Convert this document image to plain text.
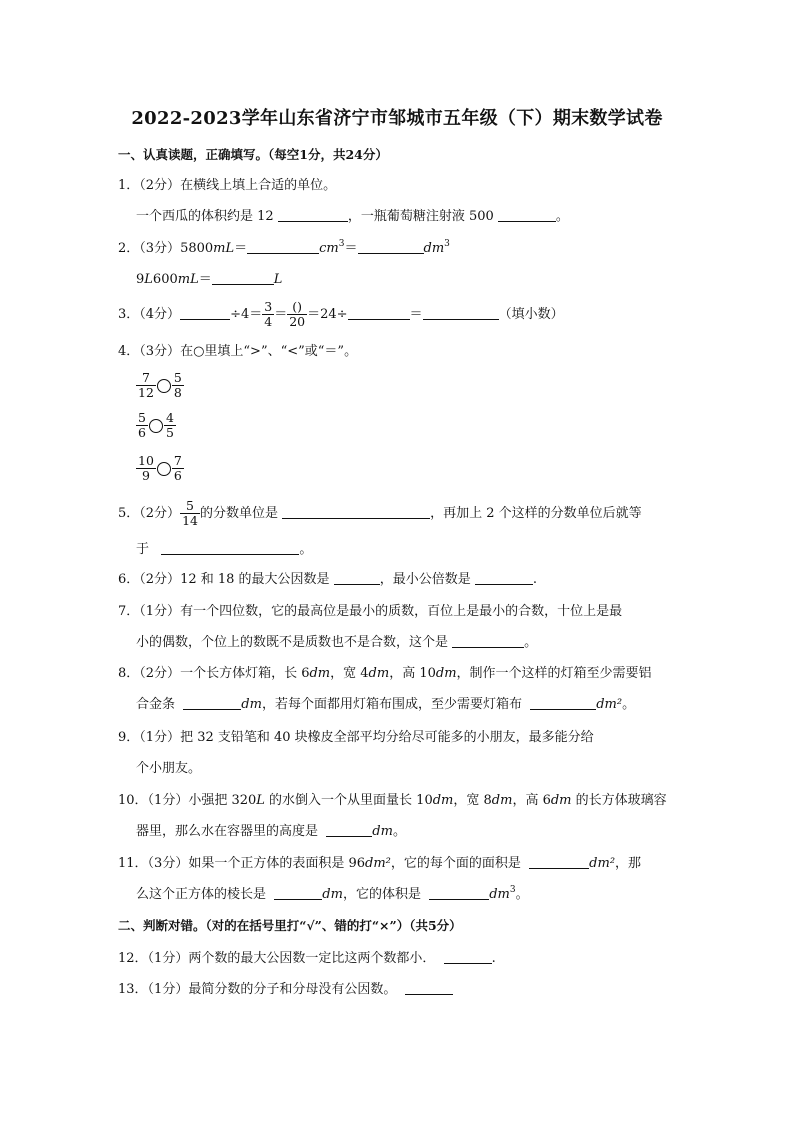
2022-2023学年山东省济宁市邹城市五年级（下）期末数学试卷
一、认真读题，正确填写。（每空1分，共24分）
1．（2分）在横线上填上合适的单位。
一个西瓜的体积约是 12	，一瓶葡萄糖注射液 500	。
2．（3分）5800mL＝	$cm^3=$	$dm^3$
9L600mL＝	L
3．（4分）	$\div 4= \frac{3}{4} = \frac{()}{20} =24\div$	＝	（填小数）
4．（3分）在○里填上“>”、“<”或“＝”。
$\frac{7}{12} \frac{5}{8}$
$\frac{5}{6} \frac{4}{5}$
$\frac{10}{9} \frac{7}{6}$
5．（2分） $\frac{5}{14}$ 的分数单位是	，再加上 2 个这样的分数单位后就等
于	。
6．（2分）12 和 18 的最大公因数是	，最小公倍数是	.
7．（1分）有一个四位数，它的最高位是最小的质数，百位上是最小的合数，十位上是最
小的偶数，个位上的数既不是质数也不是合数，这个是	。
8．（2分）一个长方体灯箱，长 6dm，宽 4dm，高 10dm，制作一个这样的灯箱至少需要铝
合金条	dm，若每个面都用灯箱布围成，至少需要灯箱布	dm²。
9．（1分）把 32 支铅笔和 40 块橡皮全部平均分给尽可能多的小朋友，最多能分给
个小朋友。
10．（1分）小强把 320L 的水倒入一个从里面量长 10dm，宽 8dm，高 6dm 的长方体玻璃容
器里，那么水在容器里的高度是	dm。
11．（3分）如果一个正方体的表面积是 96dm²，它的每个面的面积是	dm²，那
么这个正方体的棱长是	dm，它的体积是	$dm^3$。
二、判断对错。（对的在括号里打“√”、错的打“×”）（共5分）
12．（1分）两个数的最大公因数一定比这两个数都小．	.
13．（1分）最简分数的分子和分母没有公因数。
